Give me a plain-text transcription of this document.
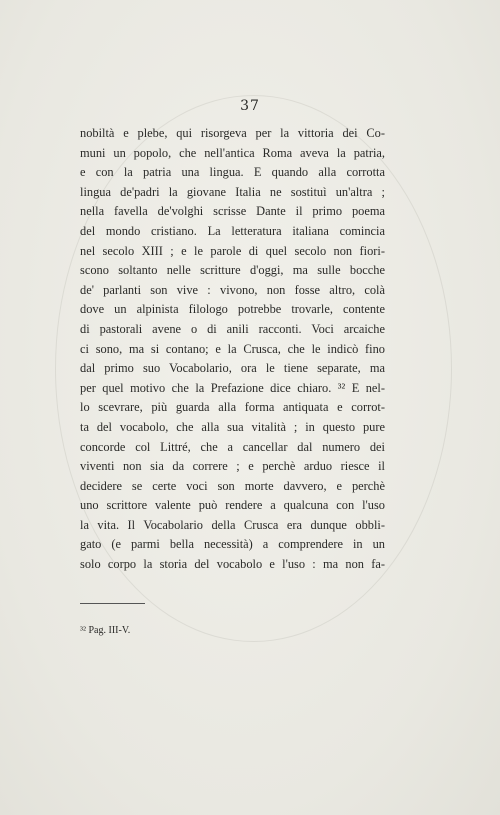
37
nobiltà e plebe, qui risorgeva per la vittoria dei Co-
muni un popolo, che nell'antica Roma aveva la patria,
e con la patria una lingua. E quando alla corrotta
lingua de'padri la giovane Italia ne sostituì un'altra ;
nella favella de'volghi scrisse Dante il primo poema
del mondo cristiano. La letteratura italiana comincia
nel secolo XIII ; e le parole di quel secolo non fiori-
scono soltanto nelle scritture d'oggi, ma sulle bocche
de' parlanti son vive : vivono, non fosse altro, colà
dove un alpinista filologo potrebbe trovarle, contente
di pastorali avene o di anili racconti. Voci arcaiche
ci sono, ma si contano; e la Crusca, che le indicò fino
dal primo suo Vocabolario, ora le tiene separate, ma
per quel motivo che la Prefazione dice chiaro. ³² E nel-
lo scevrare, più guarda alla forma antiquata e corrot-
ta del vocabolo, che alla sua vitalità ; in questo pure
concorde col Littré, che a cancellar dal numero dei
viventi non sia da correre ; e perchè arduo riesce il
decidere se certe voci son morte davvero, e perchè
uno scrittore valente può rendere a qualcuna con l'uso
la vita. Il Vocabolario della Crusca era dunque obbli-
gato (e parmi bella necessità) a comprendere in un
solo corpo la storia del vocabolo e l'uso : ma non fa-
³² Pag. III-V.
